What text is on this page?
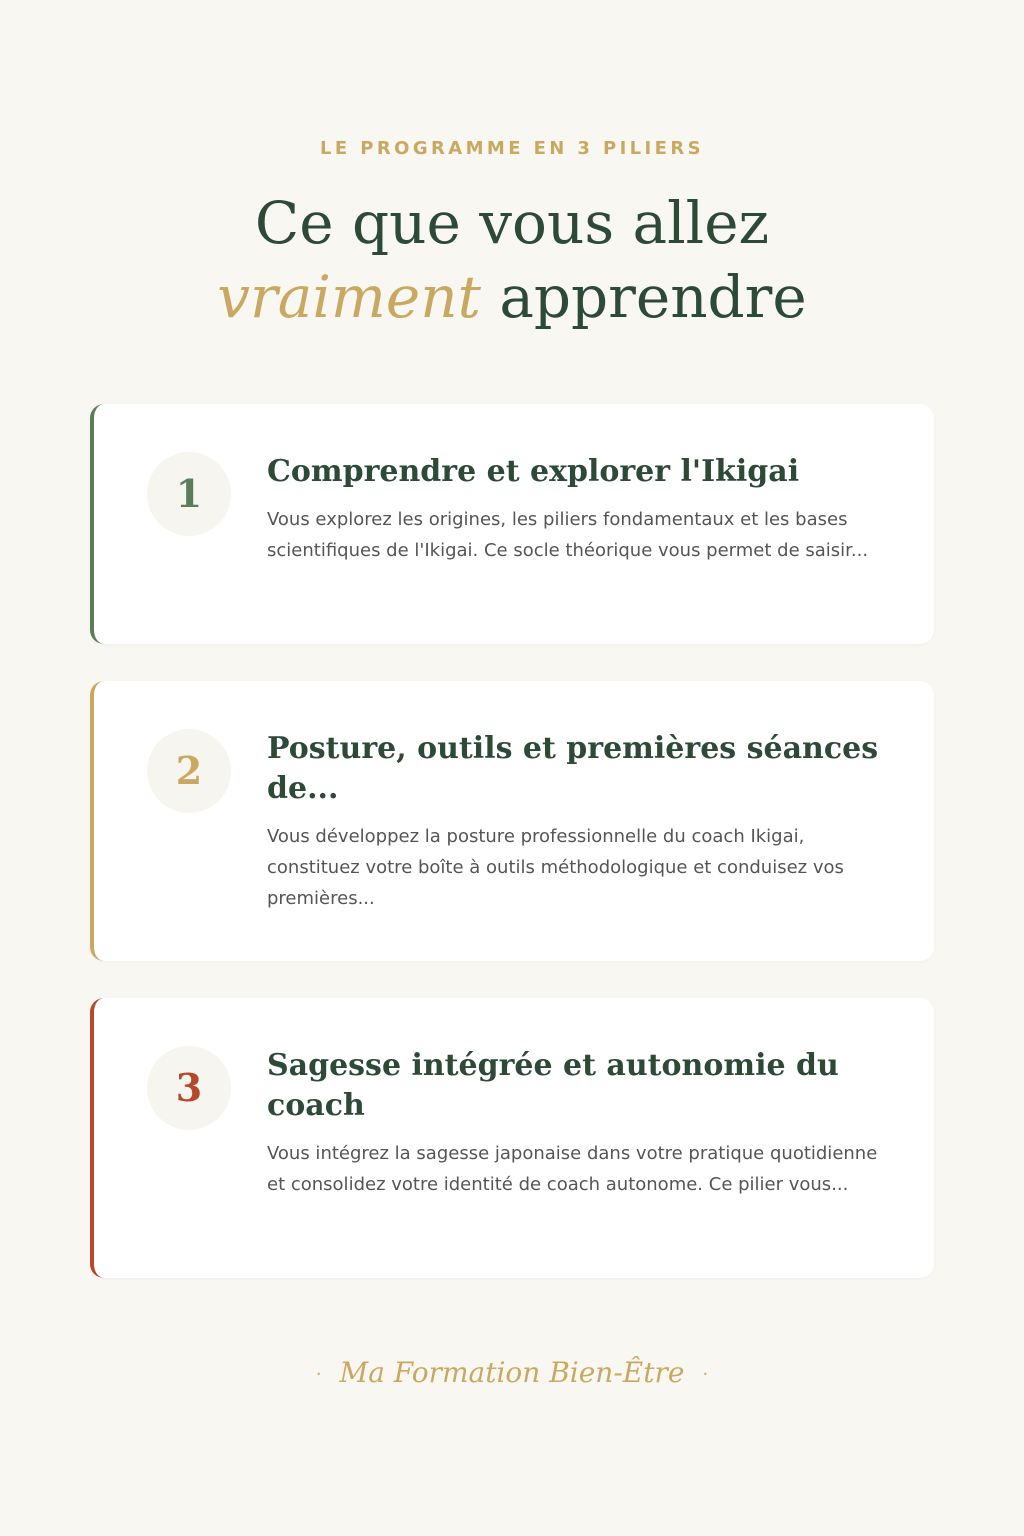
LE PROGRAMME EN 3 PILIERS
Ce que vous allez
vraiment apprendre
1	Comprendre et explorer l'Ikigai

Vous explorez les origines, les piliers fondamentaux et les bases scientifiques de l'Ikigai. Ce socle théorique vous permet de saisir...

2	Posture, outils et premières séances de...

Vous développez la posture professionnelle du coach Ikigai, constituez votre boîte à outils méthodologique et conduisez vos premières...

3	Sagesse intégrée et autonomie du coach

Vous intégrez la sagesse japonaise dans votre pratique quotidienne et consolidez votre identité de coach autonome. Ce pilier vous...

· Ma Formation Bien-Être ·
